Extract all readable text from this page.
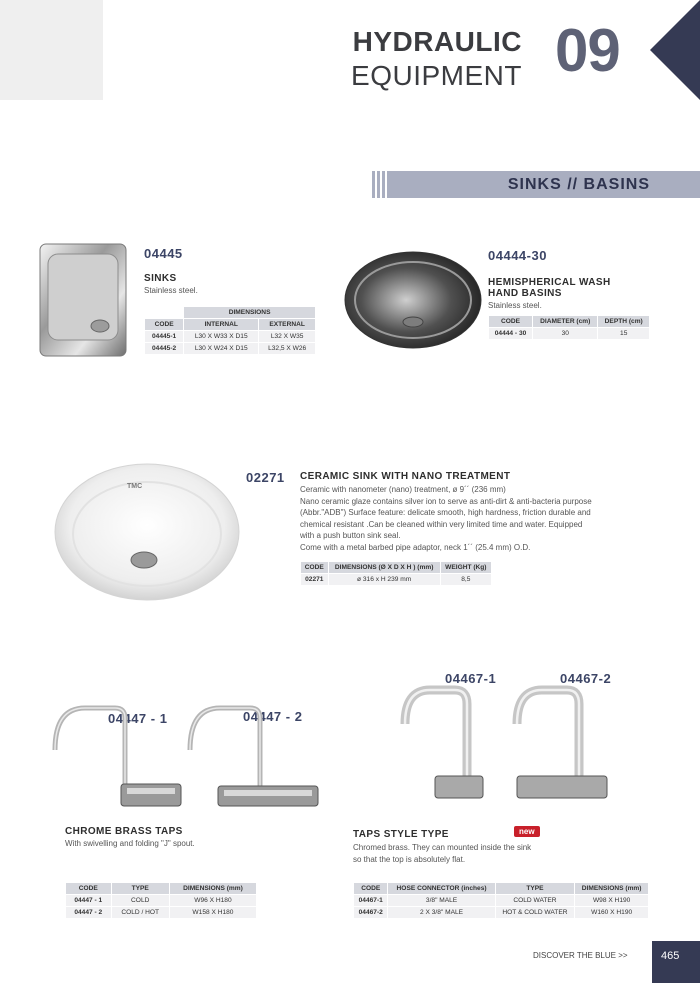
HYDRAULIC
EQUIPMENT 09
SINKS // BASINS
04445
SINKS
Stainless steel.
	DIMENSIONS	
CODE	INTERNAL	EXTERNAL
04445-1	L30 X W33 X D15	L32 X W35
04445-2	L30 X W24 X D15	L32,5 X W26
04444-30
HEMISPHERICAL WASH
HAND BASINS
Stainless steel.
CODE	DIAMETER (cm)	DEPTH (cm)
04444 - 30	30	15
TMC
02271 CERAMIC SINK WITH NANO TREATMENT
Ceramic with nanometer (nano) treatment, ø 9´´ (236 mm)
Nano ceramic glaze contains silver ion to serve as anti-dirt & anti-bacteria purpose
(Abbr."ADB") Surface feature: delicate smooth, high hardness, friction durable and
chemical resistant .Can be cleaned within very limited time and water. Equipped
with a push button sink seal.
Come with a metal barbed pipe adaptor, neck 1´´ (25.4 mm) O.D.
CODE	DIMENSIONS (Ø X D X H ) (mm)	WEIGHT (Kg)
02271	ø 316 x H 239 mm	8,5
04447 - 1	04447 - 2
CHROME BRASS TAPS
With swivelling and folding "J" spout.
CODE	TYPE	DIMENSIONS (mm)
04447 - 1	COLD	W96 X H180
04447 - 2	COLD / HOT	W158 X H180
04467-1	04467-2
TAPS STYLE TYPE	new
Chromed brass. They can mounted inside the sink
so that the top is absolutely flat.
CODE	HOSE CONNECTOR (inches)	TYPE	DIMENSIONS (mm)
04467-1	3/8" MALE	COLD WATER	W98 X H190
04467-2	2 X 3/8" MALE	HOT & COLD WATER	W160 X H190
DISCOVER THE BLUE >>	465
